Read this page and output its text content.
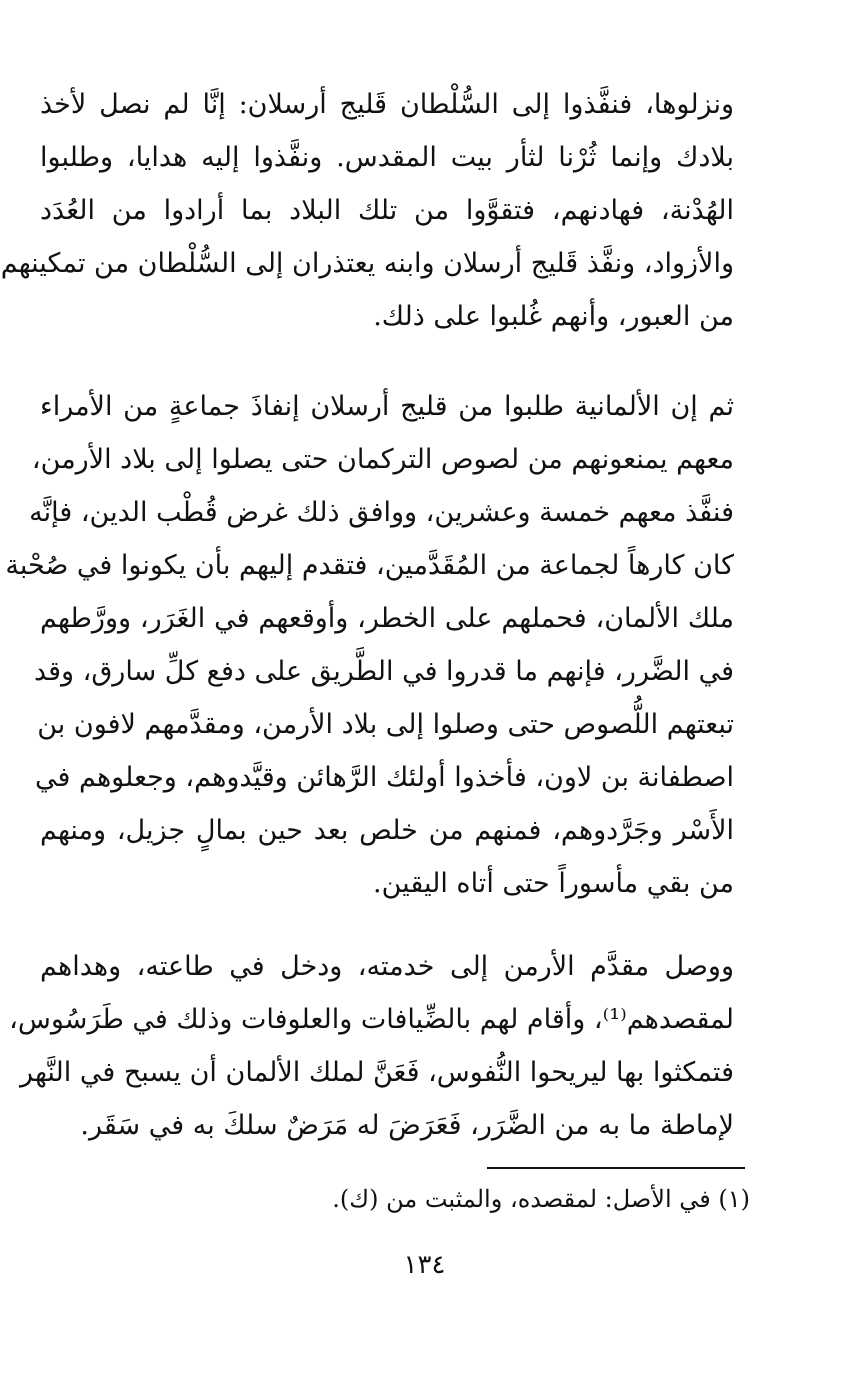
ونزلوها، فنفَّذوا إلى السُّلْطان قَليج أرسلان: إنَّا لم نصل لأخذ
بلادك وإنما ثُرْنا لثأر بيت المقدس. ونفَّذوا إليه هدايا، وطلبوا
الهُدْنة، فهادنهم، فتقوَّوا من تلك البلاد بما أرادوا من العُدَد
والأزواد، ونفَّذ قَليج أرسلان وابنه يعتذران إلى السُّلْطان من تمكينهم
من العبور، وأنهم غُلبوا على ذلك.
ثم إن الألمانية طلبوا من قليج أرسلان إنفاذَ جماعةٍ من الأمراء
معهم يمنعونهم من لصوص التركمان حتى يصلوا إلى بلاد الأرمن،
فنفَّذ معهم خمسة وعشرين، ووافق ذلك غرض قُطْب الدين، فإنَّه
كان كارهاً لجماعة من المُقَدَّمين، فتقدم إليهم بأن يكونوا في صُحْبة
ملك الألمان، فحملهم على الخطر، وأوقعهم في الغَرَر، وورَّطهم
في الضَّرر، فإنهم ما قدروا في الطَّريق على دفع كلِّ سارق، وقد
تبعتهم اللُّصوص حتى وصلوا إلى بلاد الأرمن، ومقدَّمهم لافون بن
اصطفانة بن لاون، فأخذوا أولئك الرَّهائن وقيَّدوهم، وجعلوهم في
الأَسْر وجَرَّدوهم، فمنهم من خلص بعد حين بمالٍ جزيل، ومنهم
من بقي مأسوراً حتى أتاه اليقين.
ووصل مقدَّم الأرمن إلى خدمته، ودخل في طاعته، وهداهم
لمقصدهم⁽¹⁾، وأقام لهم بالضِّيافات والعلوفات وذلك في طَرَسُوس،
فتمكثوا بها ليريحوا النُّفوس، فَعَنَّ لملك الألمان أن يسبح في النَّهر
لإماطة ما به من الضَّرَر، فَعَرَضَ له مَرَضٌ سلكَ به في سَقَر.
(١) في الأصل: لمقصده، والمثبت من (ك).
١٣٤
